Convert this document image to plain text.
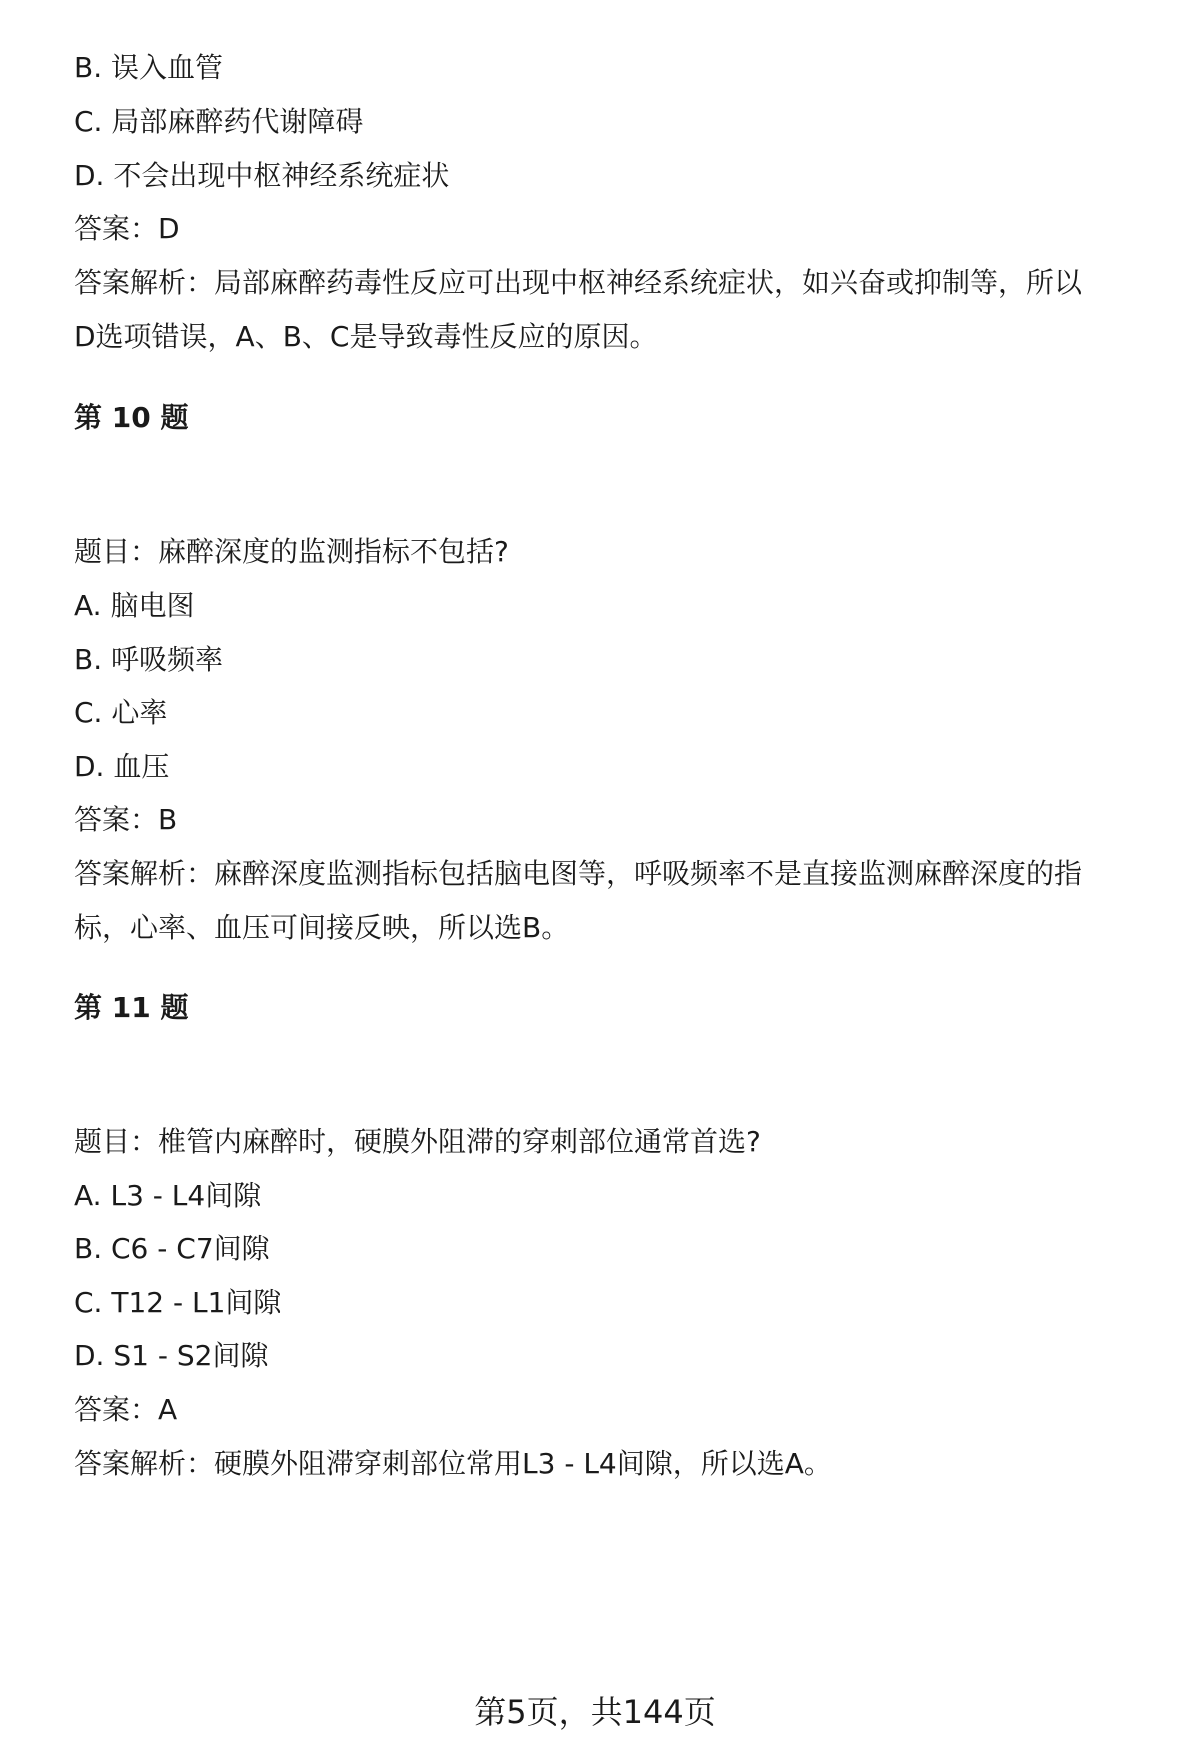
B. 误入血管
C. 局部麻醉药代谢障碍
D. 不会出现中枢神经系统症状
答案：D
答案解析：局部麻醉药毒性反应可出现中枢神经系统症状，如兴奋或抑制等，所以
D选项错误，A、B、C是导致毒性反应的原因。
第 10 题
题目：麻醉深度的监测指标不包括?
A. 脑电图
B. 呼吸频率
C. 心率
D. 血压
答案：B
答案解析：麻醉深度监测指标包括脑电图等，呼吸频率不是直接监测麻醉深度的指
标，心率、血压可间接反映，所以选B。
第 11 题
题目：椎管内麻醉时，硬膜外阻滞的穿刺部位通常首选?
A. L3 - L4间隙
B. C6 - C7间隙
C. T12 - L1间隙
D. S1 - S2间隙
答案：A
答案解析：硬膜外阻滞穿刺部位常用L3 - L4间隙，所以选A。
第5页，共144页
